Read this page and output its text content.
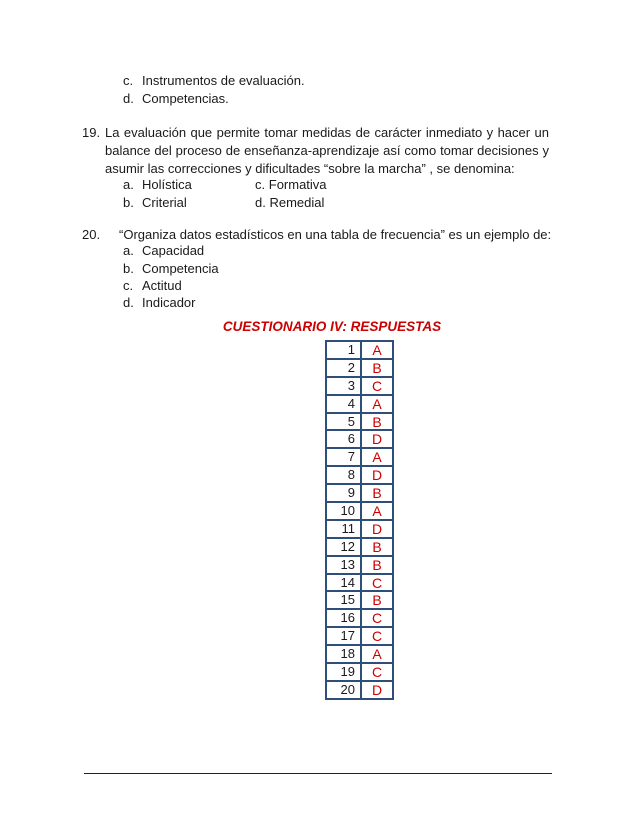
c. Instrumentos de evaluación.
d. Competencias.
19. La evaluación que permite tomar medidas de carácter inmediato y hacer un
balance del proceso de enseñanza-aprendizaje así como tomar decisiones y
asumir las correcciones y dificultades “sobre la marcha” , se denomina:
a. Holística	c. Formativa
b. Criterial	d. Remedial
20. “Organiza datos estadísticos en una tabla de frecuencia” es un ejemplo de:
a. Capacidad
b. Competencia
c. Actitud
d. Indicador
CUESTIONARIO IV: RESPUESTAS
1	A
2	B
3	C
4	A
5	B
6	D
7	A
8	D
9	B
10	A
11	D
12	B
13	B
14	C
15	B
16	C
17	C
18	A
19	C
20	D
